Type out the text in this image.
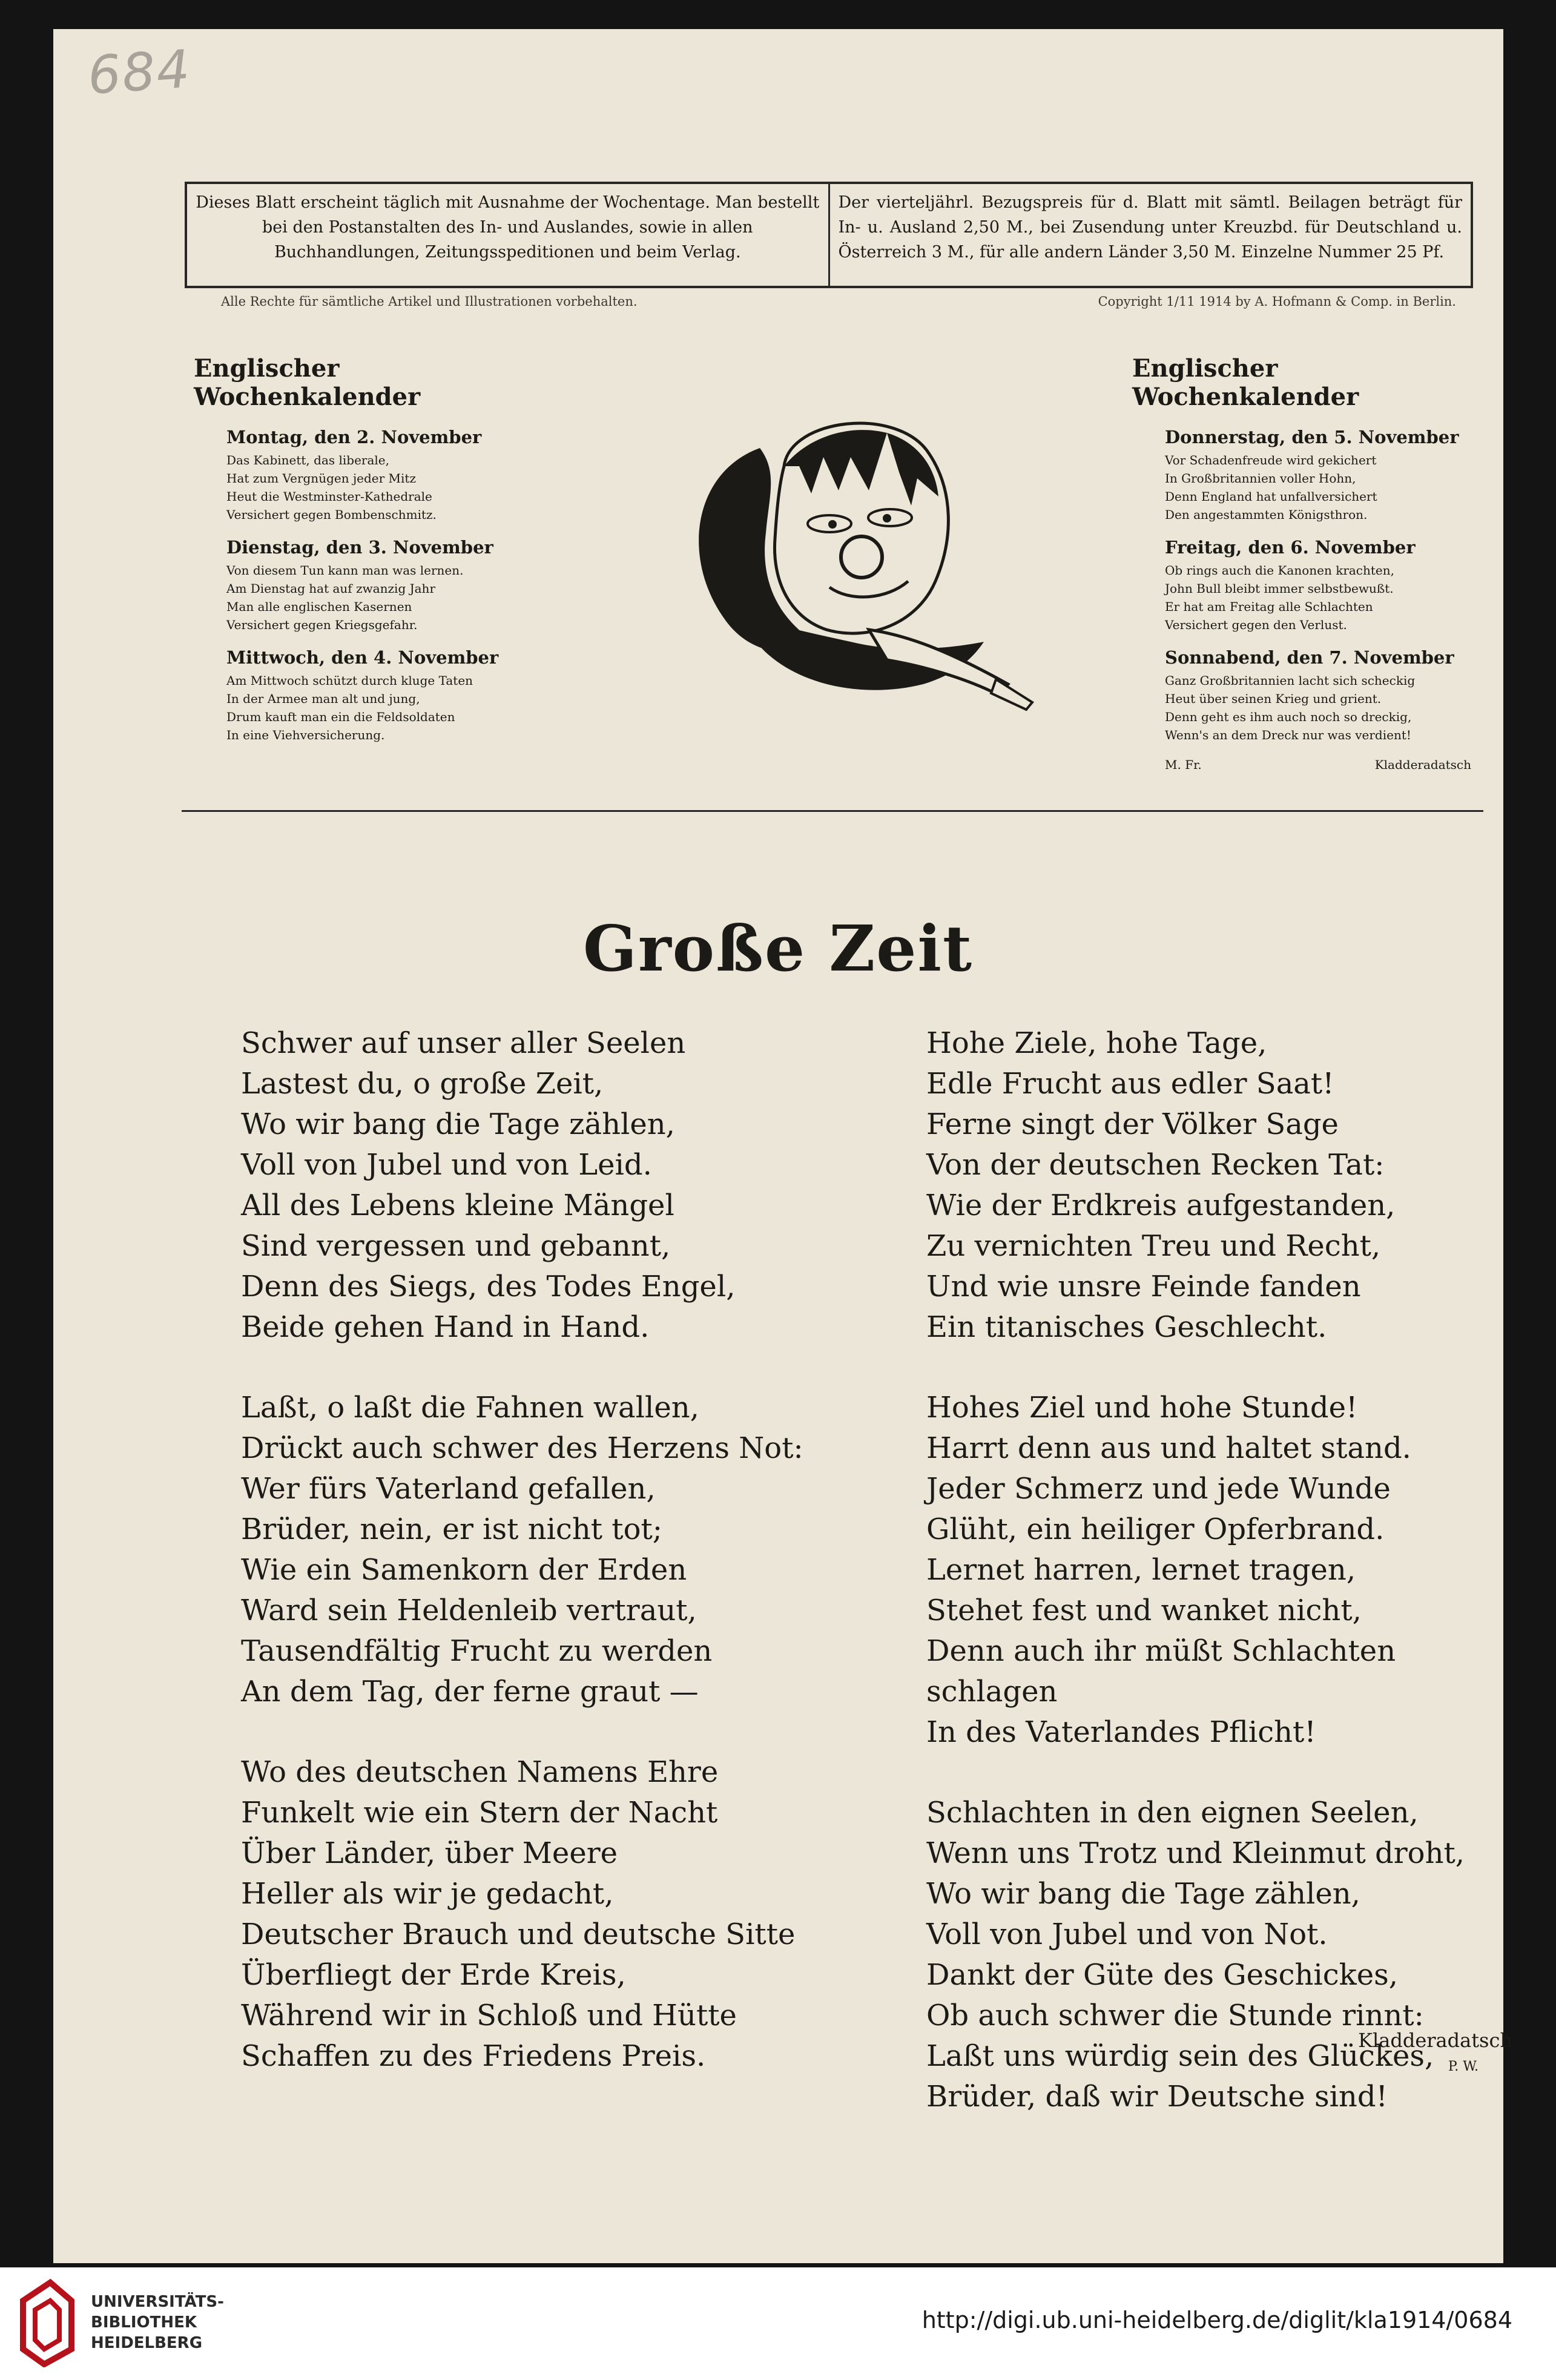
684
Dieses Blatt erscheint täglich mit Ausnahme der Wochentage. Man bestellt bei den Postanstalten des In- und Auslandes, sowie in allen Buchhandlungen, Zeitungsspeditionen und beim Verlag.
Der vierteljährl. Bezugspreis für d. Blatt mit sämtl. Beilagen beträgt für In- u. Ausland 2,50 M., bei Zusendung unter Kreuzbd. für Deutschland u. Österreich 3 M., für alle andern Länder 3,50 M. Einzelne Nummer 25 Pf.
Alle Rechte für sämtliche Artikel und Illustrationen vorbehalten.	Copyright 1/11 1914 by A. Hofmann & Comp. in Berlin.
Englischer Wochenkalender
Montag, den 2. November
Das Kabinett, das liberale,
Hat zum Vergnügen jeder Mitz
Heut die Westminster-Kathedrale
Versichert gegen Bombenschmitz.
Dienstag, den 3. November
Von diesem Tun kann man was lernen.
Am Dienstag hat auf zwanzig Jahr
Man alle englischen Kasernen
Versichert gegen Kriegsgefahr.
Mittwoch, den 4. November
Am Mittwoch schützt durch kluge Taten
In der Armee man alt und jung,
Drum kauft man ein die Feldsoldaten
In eine Viehversicherung.
Englischer Wochenkalender
Donnerstag, den 5. November
Vor Schadenfreude wird gekichert
In Großbritannien voller Hohn,
Denn England hat unfallversichert
Den angestammten Königsthron.
Freitag, den 6. November
Ob rings auch die Kanonen krachten,
John Bull bleibt immer selbstbewußt.
Er hat am Freitag alle Schlachten
Versichert gegen den Verlust.
Sonnabend, den 7. November
Ganz Großbritannien lacht sich scheckig
Heut über seinen Krieg und grient.
Denn geht es ihm auch noch so dreckig,
Wenn's an dem Dreck nur was verdient!
M. Fr.	Kladderadatsch
Große Zeit
Schwer auf unser aller Seelen
Lastest du, o große Zeit,
Wo wir bang die Tage zählen,
Voll von Jubel und von Leid.
All des Lebens kleine Mängel
Sind vergessen und gebannt,
Denn des Siegs, des Todes Engel,
Beide gehen Hand in Hand.
Laßt, o laßt die Fahnen wallen,
Drückt auch schwer des Herzens Not:
Wer fürs Vaterland gefallen,
Brüder, nein, er ist nicht tot;
Wie ein Samenkorn der Erden
Ward sein Heldenleib vertraut,
Tausendfältig Frucht zu werden
An dem Tag, der ferne graut —
Wo des deutschen Namens Ehre
Funkelt wie ein Stern der Nacht
Über Länder, über Meere
Heller als wir je gedacht,
Deutscher Brauch und deutsche Sitte
Überfliegt der Erde Kreis,
Während wir in Schloß und Hütte
Schaffen zu des Friedens Preis.
Hohe Ziele, hohe Tage,
Edle Frucht aus edler Saat!
Ferne singt der Völker Sage
Von der deutschen Recken Tat:
Wie der Erdkreis aufgestanden,
Zu vernichten Treu und Recht,
Und wie unsre Feinde fanden
Ein titanisches Geschlecht.
Hohes Ziel und hohe Stunde!
Harrt denn aus und haltet stand.
Jeder Schmerz und jede Wunde
Glüht, ein heiliger Opferbrand.
Lernet harren, lernet tragen,
Stehet fest und wanket nicht,
Denn auch ihr müßt Schlachten schlagen
In des Vaterlandes Pflicht!
Schlachten in den eignen Seelen,
Wenn uns Trotz und Kleinmut droht,
Wo wir bang die Tage zählen,
Voll von Jubel und von Not.
Dankt der Güte des Geschickes,
Ob auch schwer die Stunde rinnt:
Laßt uns würdig sein des Glückes,
Brüder, daß wir Deutsche sind!
Kladderadatsch
P. W.
UNIVERSITÄTS-
BIBLIOTHEK
HEIDELBERG
http://digi.ub.uni-heidelberg.de/diglit/kla1914/0684
